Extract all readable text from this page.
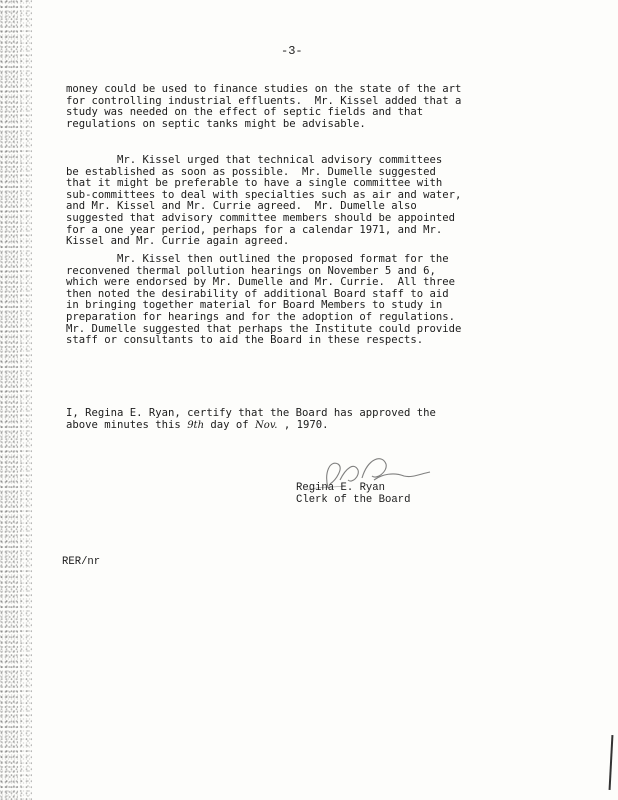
-3-
money could be used to finance studies on the state of the art
for controlling industrial effluents.  Mr. Kissel added that a
study was needed on the effect of septic fields and that
regulations on septic tanks might be advisable.
Mr. Kissel urged that technical advisory committees
be established as soon as possible.  Mr. Dumelle suggested
that it might be preferable to have a single committee with
sub-committees to deal with specialties such as air and water,
and Mr. Kissel and Mr. Currie agreed.  Mr. Dumelle also
suggested that advisory committee members should be appointed
for a one year period, perhaps for a calendar 1971, and Mr.
Kissel and Mr. Currie again agreed.
Mr. Kissel then outlined the proposed format for the
reconvened thermal pollution hearings on November 5 and 6,
which were endorsed by Mr. Dumelle and Mr. Currie.  All three
then noted the desirability of additional Board staff to aid
in bringing together material for Board Members to study in
preparation for hearings and for the adoption of regulations.
Mr. Dumelle suggested that perhaps the Institute could provide
staff or consultants to aid the Board in these respects.
I, Regina E. Ryan, certify that the Board has approved the
above minutes this 9th day of Nov. , 1970.
Regina E. Ryan
Clerk of the Board
RER/nr
